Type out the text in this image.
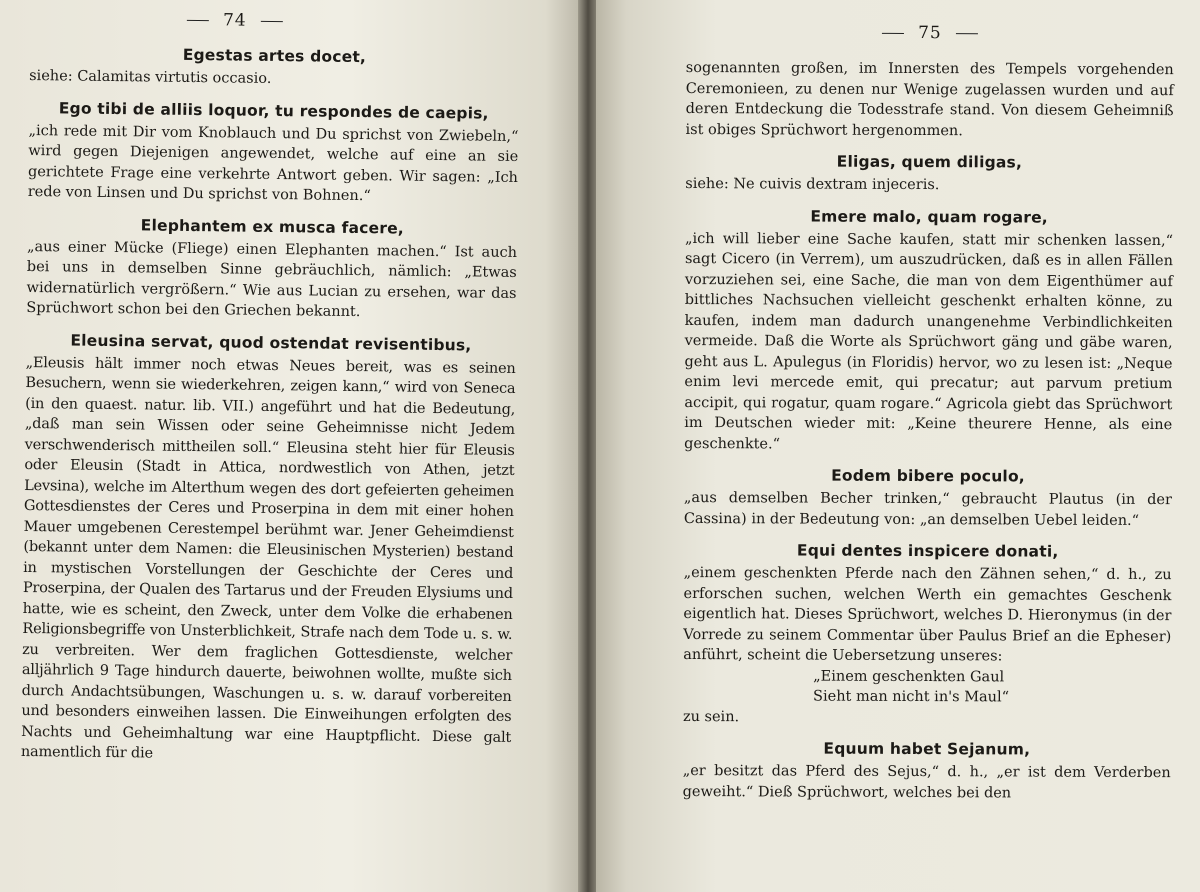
74
Egestas artes docet,

siehe: Calamitas virtutis occasio.

Ego tibi de alliis loquor, tu respondes de caepis,

„ich rede mit Dir vom Knoblauch und Du sprichst von Zwiebeln,“ wird gegen Diejenigen angewendet, welche auf eine an sie gerichtete Frage eine verkehrte Antwort geben. Wir sagen: „Ich rede von Linsen und Du sprichst von Bohnen.“

Elephantem ex musca facere,

„aus einer Mücke (Fliege) einen Elephanten machen.“ Ist auch bei uns in demselben Sinne gebräuchlich, nämlich: „Etwas widernatürlich vergrößern.“ Wie aus Lucian zu ersehen, war das Sprüchwort schon bei den Griechen bekannt.

Eleusina servat, quod ostendat revisentibus,

„Eleusis hält immer noch etwas Neues bereit, was es seinen Besuchern, wenn sie wiederkehren, zeigen kann,“ wird von Seneca (in den quaest. natur. lib. VII.) angeführt und hat die Bedeutung, „daß man sein Wissen oder seine Geheimnisse nicht Jedem verschwenderisch mittheilen soll.“ Eleusina steht hier für Eleusis oder Eleusin (Stadt in Attica, nordwestlich von Athen, jetzt Levsina), welche im Alterthum wegen des dort gefeierten geheimen Gottesdienstes der Ceres und Proserpina in dem mit einer hohen Mauer umgebenen Cerestempel berühmt war. Jener Geheimdienst (bekannt unter dem Namen: die Eleusinischen Mysterien) bestand in mystischen Vorstellungen der Geschichte der Ceres und Proserpina, der Qualen des Tartarus und der Freuden Elysiums und hatte, wie es scheint, den Zweck, unter dem Volke die erhabenen Religionsbegriffe von Unsterblichkeit, Strafe nach dem Tode u. s. w. zu verbreiten. Wer dem fraglichen Gottesdienste, welcher alljährlich 9 Tage hindurch dauerte, beiwohnen wollte, mußte sich durch Andachtsübungen, Waschungen u. s. w. darauf vorbereiten und besonders einweihen lassen. Die Einweihungen erfolgten des Nachts und Geheimhaltung war eine Hauptpflicht. Diese galt namentlich für die

75

sogenannten großen, im Innersten des Tempels vorgehenden Ceremonieen, zu denen nur Wenige zugelassen wurden und auf deren Entdeckung die Todesstrafe stand. Von diesem Geheimniß ist obiges Sprüchwort hergenommen.

Eligas, quem diligas,

siehe: Ne cuivis dextram injeceris.

Emere malo, quam rogare,

„ich will lieber eine Sache kaufen, statt mir schenken lassen,“ sagt Cicero (in Verrem), um auszudrücken, daß es in allen Fällen vorzuziehen sei, eine Sache, die man von dem Eigenthümer auf bittliches Nachsuchen vielleicht geschenkt erhalten könne, zu kaufen, indem man dadurch unangenehme Verbindlichkeiten vermeide. Daß die Worte als Sprüchwort gäng und gäbe waren, geht aus L. Apulegus (in Floridis) hervor, wo zu lesen ist: „Neque enim levi mercede emit, qui precatur; aut parvum pretium accipit, qui rogatur, quam rogare.“ Agricola giebt das Sprüchwort im Deutschen wieder mit: „Keine theurere Henne, als eine geschenkte.“

Eodem bibere poculo,

„aus demselben Becher trinken,“ gebraucht Plautus (in der Cassina) in der Bedeutung von: „an demselben Uebel leiden.“

Equi dentes inspicere donati,

„einem geschenkten Pferde nach den Zähnen sehen,“ d. h., zu erforschen suchen, welchen Werth ein gemachtes Geschenk eigentlich hat. Dieses Sprüchwort, welches D. Hieronymus (in der Vorrede zu seinem Commentar über Paulus Brief an die Epheser) anführt, scheint die Uebersetzung unseres:

„Einem geschenkten Gaul

Sieht man nicht in's Maul“

zu sein.

Equum habet Sejanum,

„er besitzt das Pferd des Sejus,“ d. h., „er ist dem Verderben geweiht.“ Dieß Sprüchwort, welches bei den
